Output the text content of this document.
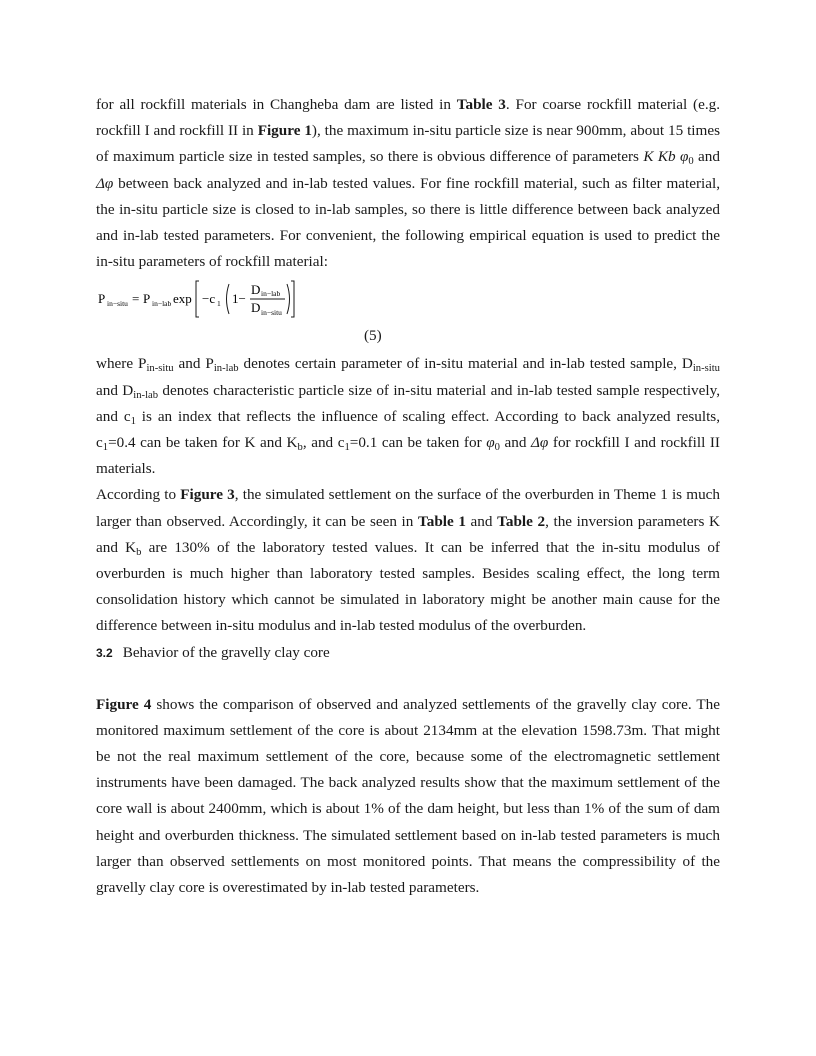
for all rockfill materials in Changheba dam are listed in Table 3. For coarse rockfill material (e.g. rockfill I and rockfill II in Figure 1), the maximum in-situ particle size is near 900mm, about 15 times of maximum particle size in tested samples, so there is obvious difference of parameters K Kb $\varphi_0$ and Δφ between back analyzed and in-lab tested values. For fine rockfill material, such as filter material, the in-situ particle size is closed to in-lab samples, so there is little difference between back analyzed and in-lab tested parameters. For convenient, the following empirical equation is used to predict the in-situ parameters of rockfill material:

P in−situ = P in−lab exp −c 1 1−
D in−lab
D in−situ
(5)

where $P_{in-situ}$ and $P_{in-lab}$ denotes certain parameter of in-situ material and in-lab tested sample, $D_{in-situ}$ and $D_{in-lab}$ denotes characteristic particle size of in-situ material and in-lab tested sample respectively, and $c_1$ is an index that reflects the influence of scaling effect. According to back analyzed results, $c_1=0.4$ can be taken for K and $K_b$, and $c_1=0.1$ can be taken for $\varphi_0$ and Δφ for rockfill I and rockfill II materials.

According to Figure 3, the simulated settlement on the surface of the overburden in Theme 1 is much larger than observed. Accordingly, it can be seen in Table 1 and Table 2, the inversion parameters K and $K_b$ are 130% of the laboratory tested values. It can be inferred that the in-situ modulus of overburden is much higher than laboratory tested samples. Besides scaling effect, the long term consolidation history which cannot be simulated in laboratory might be another main cause for the difference between in-situ modulus and in-lab tested modulus of the overburden.

3.2 Behavior of the gravelly clay core

Figure 4 shows the comparison of observed and analyzed settlements of the gravelly clay core. The monitored maximum settlement of the core is about 2134mm at the elevation 1598.73m. That might be not the real maximum settlement of the core, because some of the electromagnetic settlement instruments have been damaged. The back analyzed results show that the maximum settlement of the core wall is about 2400mm, which is about 1% of the dam height, but less than 1% of the sum of dam height and overburden thickness. The simulated settlement based on in-lab tested parameters is much larger than observed settlements on most monitored points. That means the compressibility of the gravelly clay core is overestimated by in-lab tested parameters.
